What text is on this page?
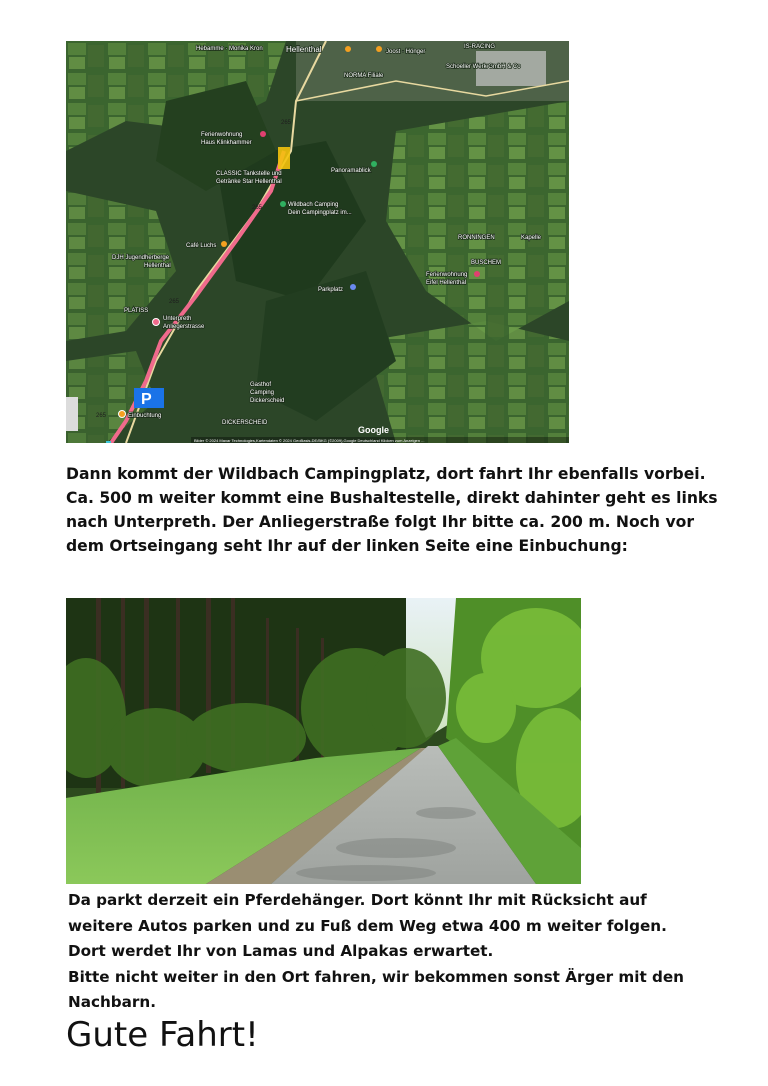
P
Hebamme · Monika Kron	Hellenthal	Joost · Hönger
IS-RACING
NORMA Filiale
Schoeller Werk GmbH & Co
Ferienwohnung
Haus Klinkhammer
Panoramablick
CLASSIC Tankstelle und
Getränke Star Hellenthal
Wildbach Camping
Dein Campingplatz im...
Café Luchs
DJH Jugendherberge
Hellenthal
RONNINGEN	Kapelle
BUSCHEM
Ferienwohnung
Eifel Hellenthal
Parkplatz
PLATISS
Unterpreth
Anliegerstrasse
Gasthof
Camping
Dickerscheid
Einbuchtung
DICKERSCHEID
265
265
265
265
Google
Bilder © 2024 Maxar Technologies,Kartendaten © 2024 GeoBasis-DE/BKG (©2009),Google Deutschland Klicken zum Anzeigen ...
Dann kommt der Wildbach Campingplatz, dort fahrt Ihr ebenfalls vorbei.
Ca. 500 m weiter kommt eine Bushaltestelle, direkt dahinter geht es links
nach Unterpreth. Der Anliegerstraße folgt Ihr bitte ca. 200 m. Noch vor
dem Ortseingang seht Ihr auf der linken Seite eine Einbuchung:
Da parkt derzeit ein Pferdehänger. Dort könnt Ihr mit Rücksicht auf
weitere Autos parken und zu Fuß dem Weg etwa 400 m weiter folgen.
Dort werdet Ihr von Lamas und Alpakas erwartet.
Bitte nicht weiter in den Ort fahren, wir bekommen sonst Ärger mit den
Nachbarn.
Gute Fahrt!
